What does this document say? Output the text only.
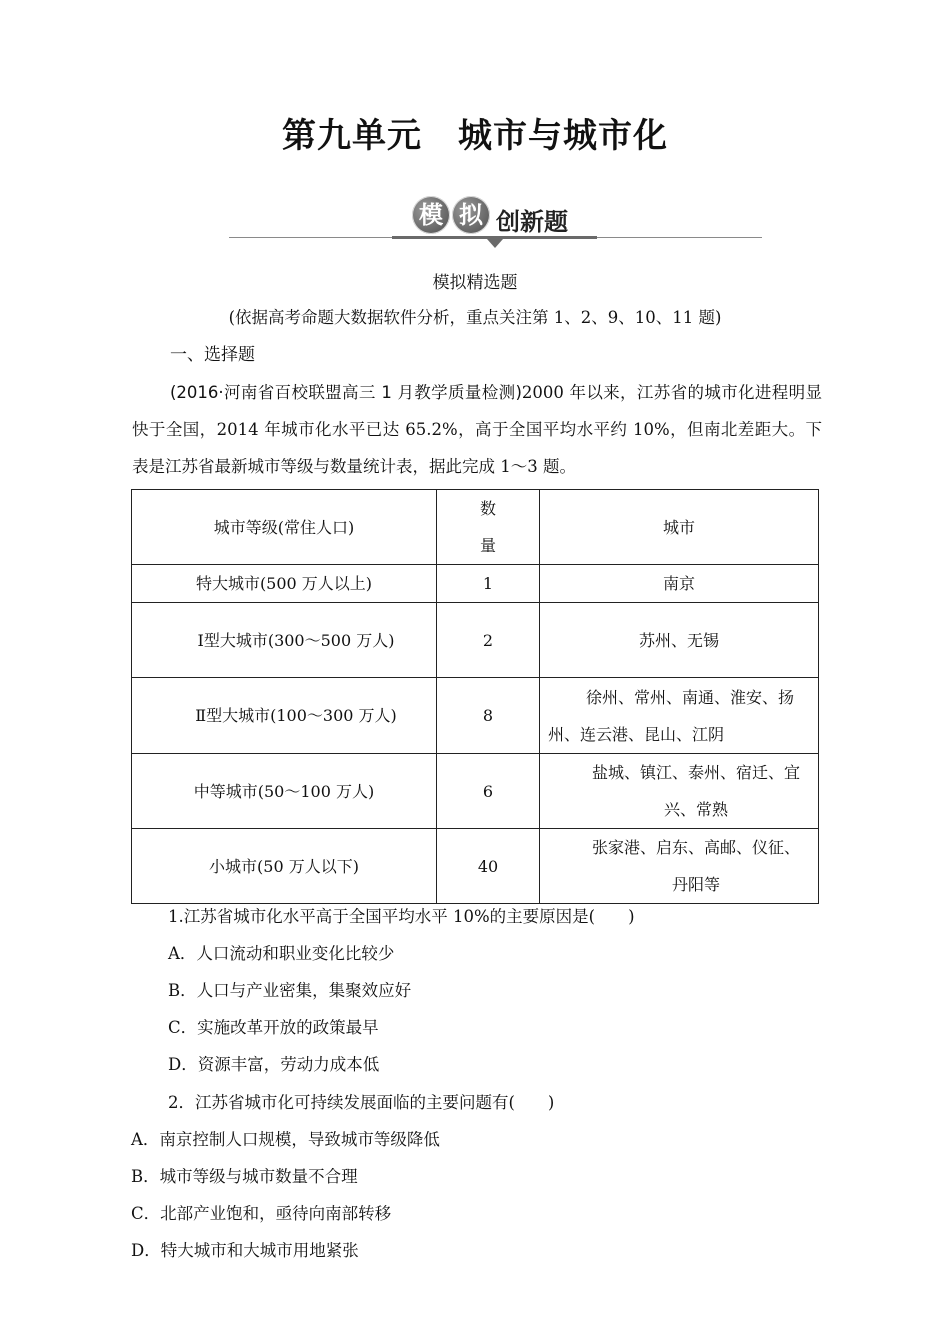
第九单元 城市与城市化
模 拟 创新题
模拟精选题
(依据高考命题大数据软件分析，重点关注第 1、2、9、10、11 题)
一、选择题
(2016·河南省百校联盟高三 1 月教学质量检测)2000 年以来，江苏省的城市化进程明显快于全国，2014 年城市化水平已达 65.2%，高于全国平均水平约 10%，但南北差距大。下表是江苏省最新城市等级与数量统计表，据此完成 1～3 题。
城市等级(常住人口)	数量	城市
特大城市(500 万人以上)	1	南京
Ⅰ型大城市(300～500 万人)	2	苏州、无锡
Ⅱ型大城市(100～300 万人)	8	徐州、常州、南通、淮安、扬州、连云港、昆山、江阴
中等城市(50～100 万人)	6	盐城、镇江、泰州、宿迁、宜兴、常熟
小城市(50 万人以下)	40	张家港、启东、高邮、仪征、丹阳等
1.江苏省城市化水平高于全国平均水平 10%的主要原因是(　　)
A．人口流动和职业变化比较少
B．人口与产业密集，集聚效应好
C．实施改革开放的政策最早
D．资源丰富，劳动力成本低
2．江苏省城市化可持续发展面临的主要问题有(　　)
A．南京控制人口规模，导致城市等级降低
B．城市等级与城市数量不合理
C．北部产业饱和，亟待向南部转移
D．特大城市和大城市用地紧张
